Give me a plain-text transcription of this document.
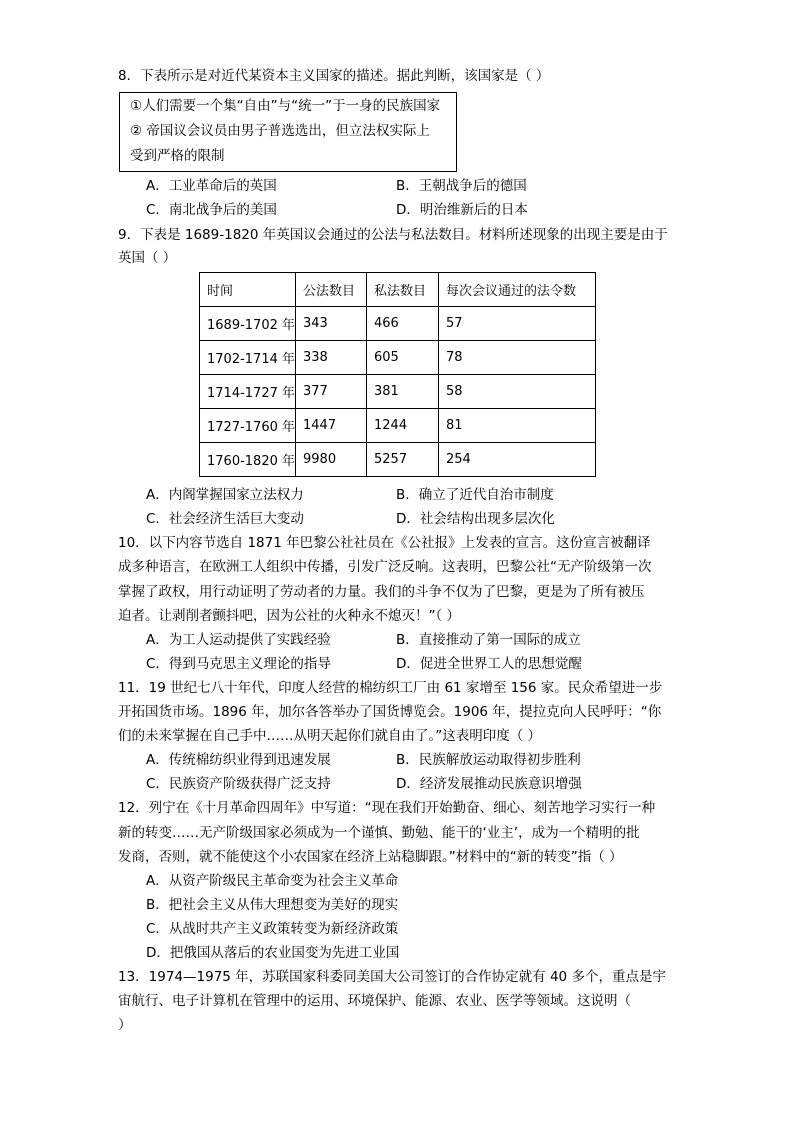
8．下表所示是对近代某资本主义国家的描述。据此判断，该国家是（ ）
①人们需要一个集“自由”与“统一”于一身的民族国家
② 帝国议会议员由男子普选选出，但立法权实际上
受到严格的限制
A．工业革命后的英国	B．王朝战争后的德国
C．南北战争后的美国	D．明治维新后的日本
9．下表是 1689-1820 年英国议会通过的公法与私法数目。材料所述现象的出现主要是由于
英国（ ）
时间	公法数目	私法数目	每次会议通过的法令数
1689-1702 年	343	466	57
1702-1714 年	338	605	78
1714-1727 年	377	381	58
1727-1760 年	1447	1244	81
1760-1820 年	9980	5257	254
A．内阁掌握国家立法权力	B．确立了近代自治市制度
C．社会经济生活巨大变动	D．社会结构出现多层次化
10．以下内容节选自 1871 年巴黎公社社员在《公社报》上发表的宣言。这份宣言被翻译
成多种语言，在欧洲工人组织中传播，引发广泛反响。这表明，巴黎公社“无产阶级第一次
掌握了政权，用行动证明了劳动者的力量。我们的斗争不仅为了巴黎，更是为了所有被压
迫者。让剥削者颤抖吧，因为公社的火种永不熄灭！”（ ）
A．为工人运动提供了实践经验	B．直接推动了第一国际的成立
C．得到马克思主义理论的指导	D．促进全世界工人的思想觉醒
11．19 世纪七八十年代，印度人经营的棉纺织工厂由 61 家增至 156 家。民众希望进一步
开拓国货市场。1896 年，加尔各答举办了国货博览会。1906 年，提拉克向人民呼吁：“你
们的未来掌握在自己手中……从明天起你们就自由了。”这表明印度（ ）
A．传统棉纺织业得到迅速发展	B．民族解放运动取得初步胜利
C．民族资产阶级获得广泛支持	D．经济发展推动民族意识增强
12．列宁在《十月革命四周年》中写道：“现在我们开始勤奋、细心、刻苦地学习实行一种
新的转变……无产阶级国家必须成为一个谨慎、勤勉、能干的‘业主’，成为一个精明的批
发商，否则，就不能使这个小农国家在经济上站稳脚跟。”材料中的“新的转变”指（ ）
A．从资产阶级民主革命变为社会主义革命
B．把社会主义从伟大理想变为美好的现实
C．从战时共产主义政策转变为新经济政策
D．把俄国从落后的农业国变为先进工业国
13．1974—1975 年，苏联国家科委同美国大公司签订的合作协定就有 40 多个，重点是宇
宙航行、电子计算机在管理中的运用、环境保护、能源、农业、医学等领域。这说明（
）
